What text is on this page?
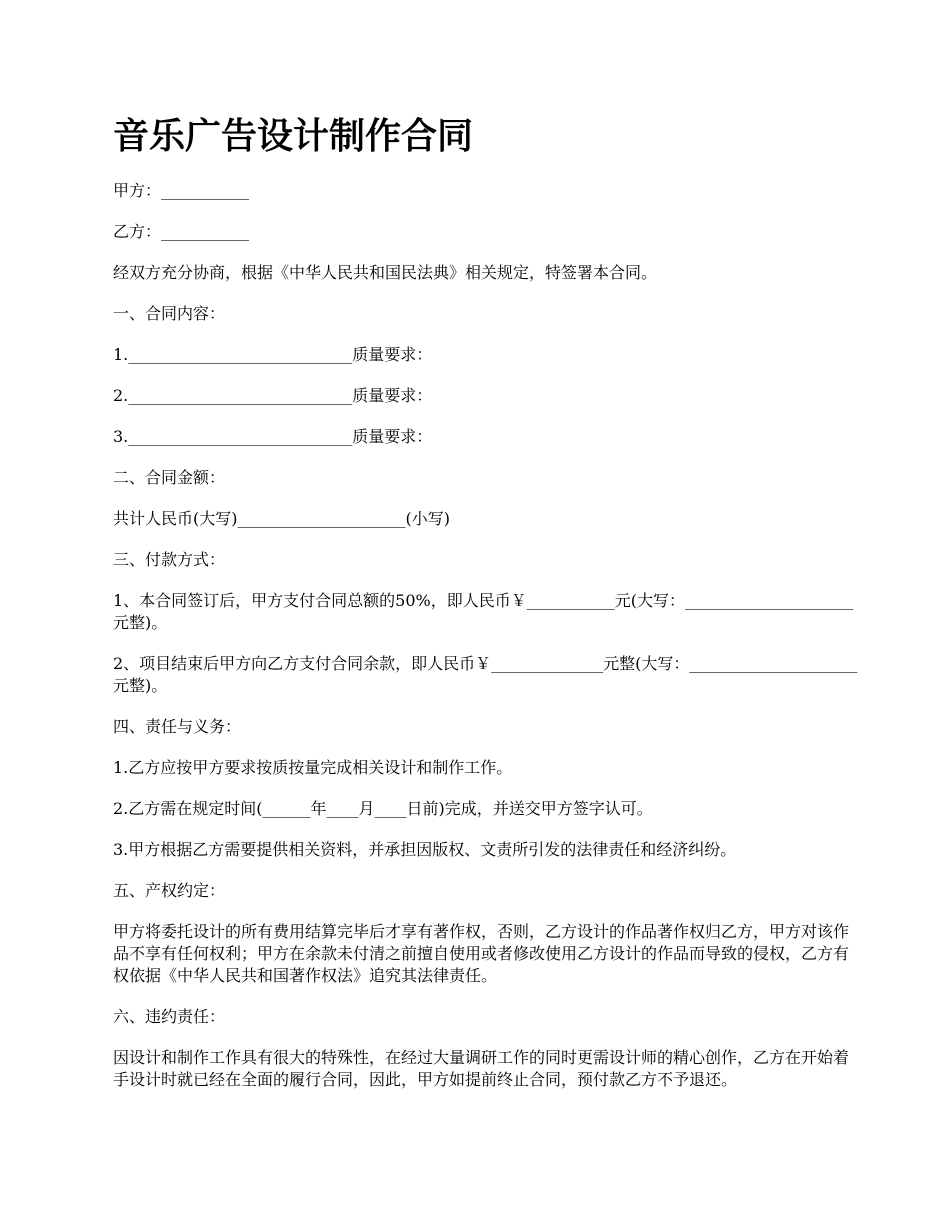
音乐广告设计制作合同

甲方：___________

乙方：___________

经双方充分协商，根据《中华人民共和国民法典》相关规定，特签署本合同。

一、合同内容：

1.____________________________质量要求：

2.____________________________质量要求：

3.____________________________质量要求：

二、合同金额：

共计人民币(大写)_____________________(小写)

三、付款方式：

1、本合同签订后，甲方支付合同总额的50%，即人民币￥___________元(大写：_____________________元整)。

2、项目结束后甲方向乙方支付合同余款，即人民币￥______________元整(大写：_____________________元整)。

四、责任与义务：

1.乙方应按甲方要求按质按量完成相关设计和制作工作。

2.乙方需在规定时间(______年____月____日前)完成，并送交甲方签字认可。

3.甲方根据乙方需要提供相关资料，并承担因版权、文责所引发的法律责任和经济纠纷。

五、产权约定：

甲方将委托设计的所有费用结算完毕后才享有著作权，否则，乙方设计的作品著作权归乙方，甲方对该作品不享有任何权利；甲方在余款未付清之前擅自使用或者修改使用乙方设计的作品而导致的侵权，乙方有权依据《中华人民共和国著作权法》追究其法律责任。

六、违约责任：

因设计和制作工作具有很大的特殊性，在经过大量调研工作的同时更需设计师的精心创作，乙方在开始着手设计时就已经在全面的履行合同，因此，甲方如提前终止合同，预付款乙方不予退还。
